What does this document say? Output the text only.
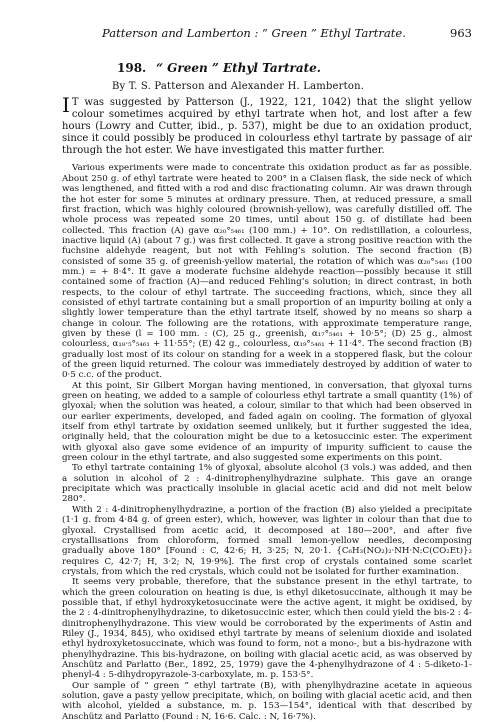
Patterson and Lamberton : “ Green ” Ethyl Tartrate.	963
198. “ Green ” Ethyl Tartrate.
By T. S. Patterson and Alexander H. Lamberton.

I T was suggested by Patterson (J., 1922, 121, 1042) that the slight yellow colour sometimes acquired by ethyl tartrate when hot, and lost after a few hours (Lowry and Cutter, ibid., p. 537), might be due to an oxidation product, since it could possibly be produced in colourless ethyl tartrate by passage of air through the hot ester. We have investigated this matter further.

Various experiments were made to concentrate this oxidation product as far as possible. About 250 g. of ethyl tartrate were heated to 200° in a Claisen flask, the side neck of which was lengthened, and fitted with a rod and disc fractionating column. Air was drawn through the hot ester for some 5 minutes at ordinary pressure. Then, at reduced pressure, a small first fraction, which was highly coloured (brownish-yellow), was carefully distilled off. The whole process was repeated some 20 times, until about 150 g. of distillate had been collected. This fraction (A) gave α₂₀°₅₄₆₁ (100 mm.) + 10°. On redistillation, a colourless, inactive liquid (A) (about 7 g.) was first collected. It gave a strong positive reaction with the fuchsine aldehyde reagent, but not with Fehling’s solution. The second fraction (B) consisted of some 35 g. of greenish-yellow material, the rotation of which was α₂₀°₅₄₆₁ (100 mm.) = + 8·4°. It gave a moderate fuchsine aldehyde reaction—possibly because it still contained some of fraction (A)—and reduced Fehling’s solution; in direct contrast, in both respects, to the colour of ethyl tartrate. The succeeding fractions, which, since they all consisted of ethyl tartrate containing but a small proportion of an impurity boiling at only a slightly lower temperature than the ethyl tartrate itself, showed by no means so sharp a change in colour. The following are the rotations, with approximate temperature range, given by these (l = 100 mm. : (C), 25 g., greenish, α₁₇°₅₄₆₁ + 10·5°; (D) 25 g., almost colourless, α₁₈·₅°₅₄₆₁ + 11·55°; (E) 42 g., colourless, α₁₉°₅₄₆₁ + 11·4°. The second fraction (B) gradually lost most of its colour on standing for a week in a stoppered flask, but the colour of the green liquid returned. The colour was immediately destroyed by addition of water to 0·5 c.c. of the product.

At this point, Sir Gilbert Morgan having mentioned, in conversation, that glyoxal turns green on heating, we added to a sample of colourless ethyl tartrate a small quantity (1%) of glyoxal; when the solution was heated, a colour, similar to that which had been observed in our earlier experiments, developed, and faded again on cooling. The formation of glyoxal itself from ethyl tartrate by oxidation seemed unlikely, but it further suggested the idea, originally held, that the colouration might be due to a ketosuccinic ester. The experiment with glyoxal also gave some evidence of an impurity of impurity sufficient to cause the green colour in the ethyl tartrate, and also suggested some experiments on this point.

To ethyl tartrate containing 1% of glyoxal, absolute alcohol (3 vols.) was added, and then a solution in alcohol of 2 : 4-dinitrophenylhydrazine sulphate. This gave an orange precipitate which was practically insoluble in glacial acetic acid and did not melt below 280°.

With 2 : 4-dinitrophenylhydrazine, a portion of the fraction (B) also yielded a precipitate (1·1 g. from 4·84 g. of green ester), which, however, was lighter in colour than that due to glyoxal. Crystallised from acetic acid, it decomposed at 180—200°, and after five crystallisations from chloroform, formed small lemon-yellow needles, decomposing gradually above 180° [Found : C, 42·6; H, 3·25; N, 20·1. {C₆H₃(NO₂)₂·NH·N:C(CO₂Et)}₂ requires C, 42·7; H, 3·2; N, 19·9%]. The first crop of crystals contained some scarlet crystals, from which the red crystals, which could not be isolated for further examination.

It seems very probable, therefore, that the substance present in the ethyl tartrate, to which the green colouration on heating is due, is ethyl diketosuccinate, although it may be possible that, if ethyl hydroxyketosuccinate were the active agent, it might be oxidised, by the 2 : 4-dinitrophenylhydrazine, to diketosuccinic ester, which then could yield the bis-2 : 4-dinitrophenylhydrazone. This view would be corroborated by the experiments of Astin and Riley (J., 1934, 845), who oxidised ethyl tartrate by means of selenium dioxide and isolated ethyl hydroxyketosuccinate, which was found to form, not a mono-, but a bis-hydrazone with phenylhydrazine. This bis-hydrazone, on boiling with glacial acetic acid, as was observed by Anschütz and Parlatto (Ber., 1892, 25, 1979) gave the 4-phenylhydrazone of 4 : 5-diketo-1-phenyl-4 : 5-dihydropyrazole-3-carboxylate, m. p. 153·5°.

Our sample of “ green ” ethyl tartrate (B), with phenylhydrazine acetate in aqueous solution, gave a pasty yellow precipitate, which, on boiling with glacial acetic acid, and then with alcohol, yielded a substance, m. p. 153—154°, identical with that described by Anschütz and Parlatto (Found : N, 16·6. Calc. : N, 16·7%).
